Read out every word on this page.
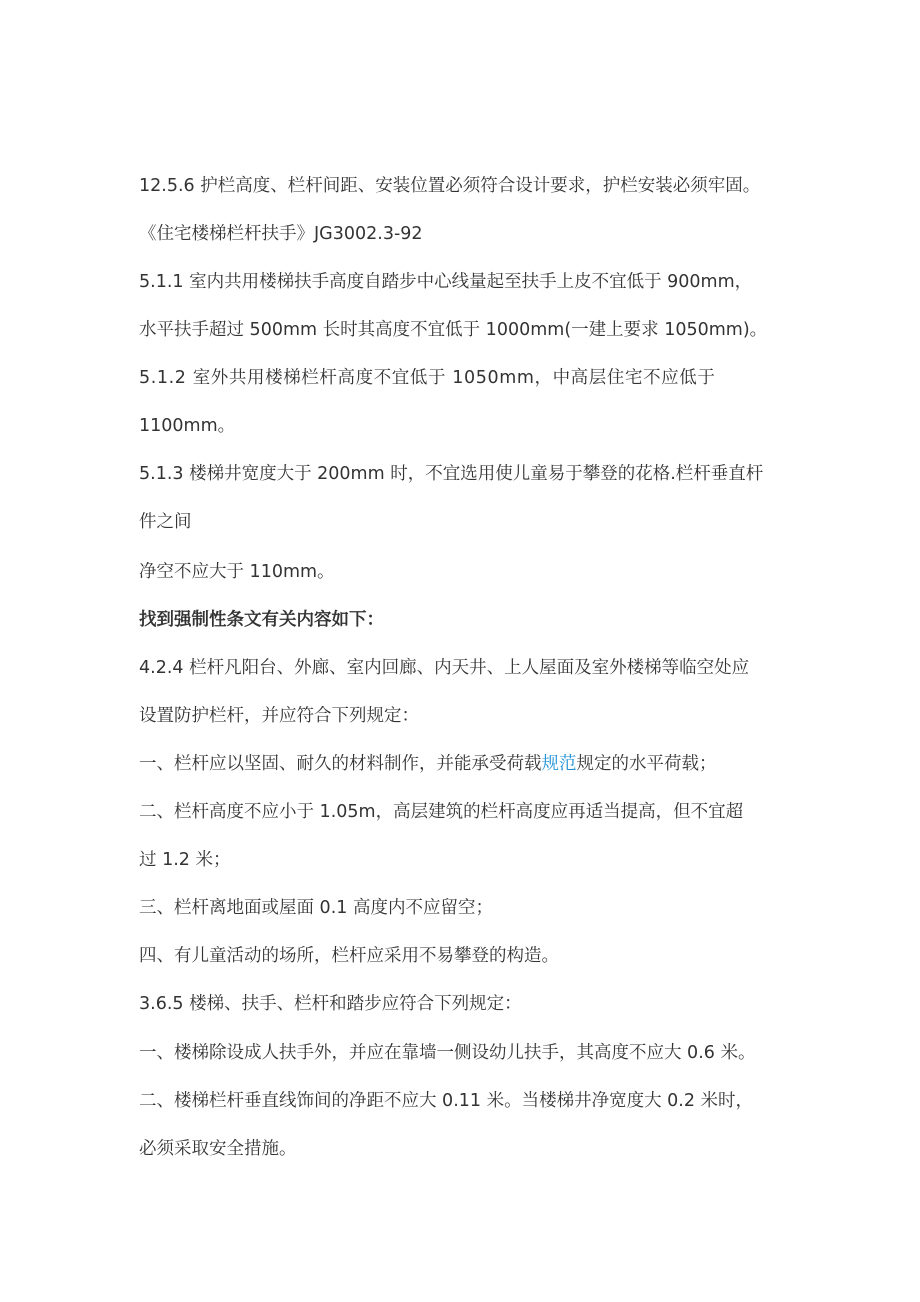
12.5.6 护栏高度、栏杆间距、安装位置必须符合设计要求，护栏安装必须牢固。
《住宅楼梯栏杆扶手》JG3002.3-92
5.1.1 室内共用楼梯扶手高度自踏步中心线量起至扶手上皮不宜低于 900mm，
水平扶手超过 500mm 长时其高度不宜低于 1000mm(一建上要求 1050mm)。
5.1.2 室外共用楼梯栏杆高度不宜低于 1050mm，中高层住宅不应低于
1100mm。
5.1.3 楼梯井宽度大于 200mm 时，不宜选用使儿童易于攀登的花格.栏杆垂直杆
件之间
净空不应大于 110mm。
找到强制性条文有关内容如下：
4.2.4 栏杆凡阳台、外廊、室内回廊、内天井、上人屋面及室外楼梯等临空处应
设置防护栏杆，并应符合下列规定：
一、栏杆应以坚固、耐久的材料制作，并能承受荷载规范规定的水平荷载；
二、栏杆高度不应小于 1.05m，高层建筑的栏杆高度应再适当提高，但不宜超
过 1.2 米；
三、栏杆离地面或屋面 0.1 高度内不应留空；
四、有儿童活动的场所，栏杆应采用不易攀登的构造。
3.6.5 楼梯、扶手、栏杆和踏步应符合下列规定：
一、楼梯除设成人扶手外，并应在靠墙一侧设幼儿扶手，其高度不应大 0.6 米。
二、楼梯栏杆垂直线饰间的净距不应大 0.11 米。当楼梯井净宽度大 0.2 米时，
必须采取安全措施。
